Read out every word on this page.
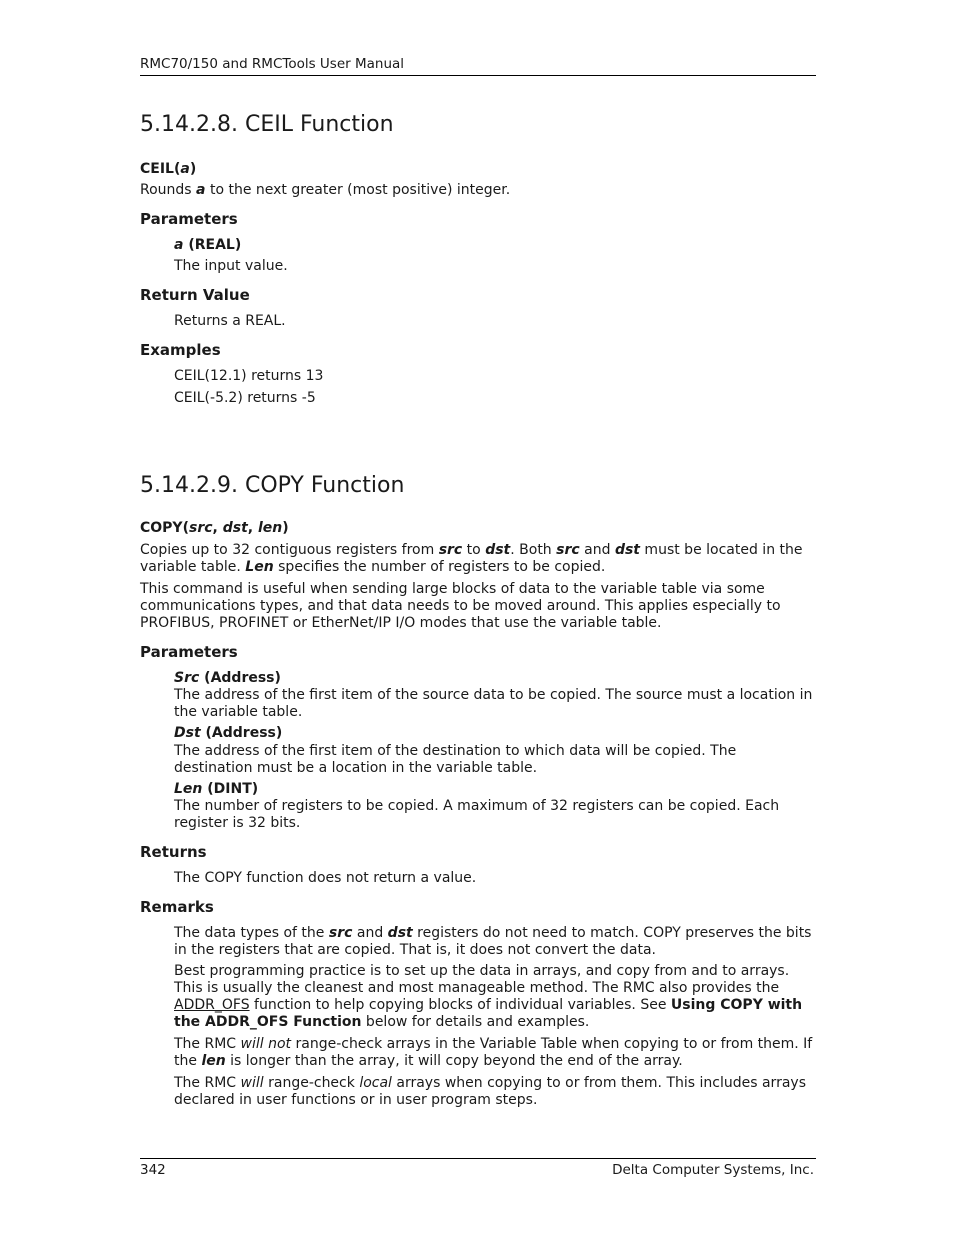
RMC70/150 and RMCTools User Manual
5.14.2.8. CEIL Function
CEIL(a)
Rounds a to the next greater (most positive) integer.
Parameters
a (REAL)
The input value.
Return Value
Returns a REAL.
Examples
CEIL(12.1) returns 13
CEIL(-5.2) returns -5
5.14.2.9. COPY Function
COPY(src, dst, len)
Copies up to 32 contiguous registers from src to dst. Both src and dst must be located in the variable table. Len specifies the number of registers to be copied.
This command is useful when sending large blocks of data to the variable table via some communications types, and that data needs to be moved around. This applies especially to PROFIBUS, PROFINET or EtherNet/IP I/O modes that use the variable table.
Parameters
Src (Address)
The address of the first item of the source data to be copied. The source must a location in the variable table.
Dst (Address)
The address of the first item of the destination to which data will be copied. The destination must be a location in the variable table.
Len (DINT)
The number of registers to be copied. A maximum of 32 registers can be copied. Each register is 32 bits.
Returns
The COPY function does not return a value.
Remarks
The data types of the src and dst registers do not need to match. COPY preserves the bits in the registers that are copied. That is, it does not convert the data.
Best programming practice is to set up the data in arrays, and copy from and to arrays. This is usually the cleanest and most manageable method. The RMC also provides the ADDR_OFS function to help copying blocks of individual variables. See Using COPY with the ADDR_OFS Function below for details and examples.
The RMC will not range-check arrays in the Variable Table when copying to or from them. If the len is longer than the array, it will copy beyond the end of the array.
The RMC will range-check local arrays when copying to or from them. This includes arrays declared in user functions or in user program steps.
342	Delta Computer Systems, Inc.
